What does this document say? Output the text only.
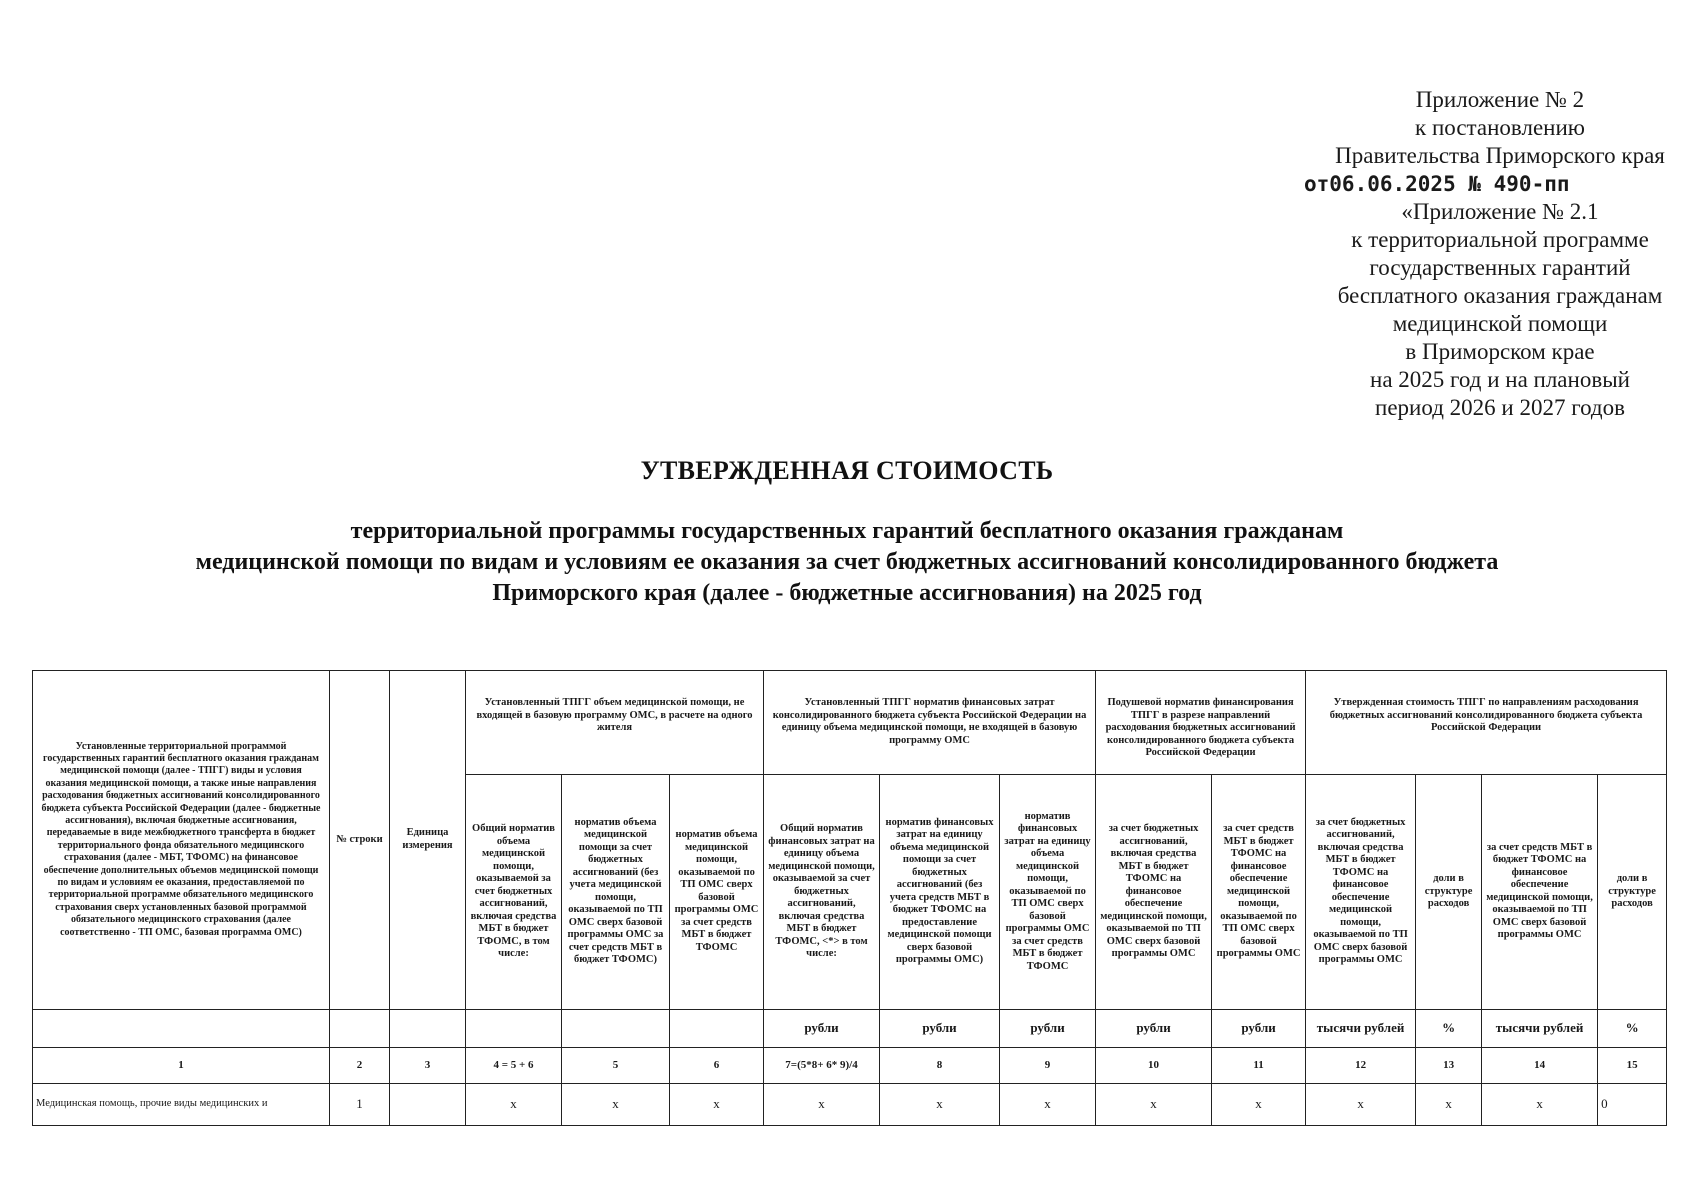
Приложение № 2
к постановлению
Правительства Приморского края
от06.06.2025 № 490-пп
«Приложение № 2.1
к территориальной программе
государственных гарантий
бесплатного оказания гражданам
медицинской помощи
в Приморском крае
на 2025 год и на плановый
период 2026 и 2027 годов
УТВЕРЖДЕННАЯ СТОИМОСТЬ
территориальной программы государственных гарантий бесплатного оказания гражданам
медицинской помощи по видам и условиям ее оказания за счет бюджетных ассигнований консолидированного бюджета
Приморского края (далее - бюджетные ассигнования) на 2025 год
Установленные территориальной программой государственных гарантий бесплатного оказания гражданам медицинской помощи (далее - ТПГГ) виды и условия оказания медицинской помощи, а также иные направления расходования бюджетных ассигнований консолидированного бюджета субъекта Российской Федерации (далее - бюджетные ассигнования), включая бюджетные ассигнования, передаваемые в виде межбюджетного трансферта в бюджет территориального фонда обязательного медицинского страхования (далее - МБТ, ТФОМС) на финансовое обеспечение дополнительных объемов медицинской помощи по видам и условиям ее оказания, предоставляемой по территориальной программе обязательного медицинского страхования сверх установленных базовой программой обязательного медицинского страхования (далее соответственно - ТП ОМС, базовая программа ОМС)	№ строки	Единица измерения	Установленный ТПГГ объем медицинской помощи, не входящей в базовую программу ОМС, в расчете на одного жителя			Установленный ТПГГ норматив финансовых затрат консолидированного бюджета субъекта Российской Федерации на единицу объема медицинской помощи, не входящей в базовую программу ОМС			Подушевой норматив финансирования ТПГГ в разрезе направлений расходования бюджетных ассигнований консолидированного бюджета субъекта Российской Федерации		Утвержденная стоимость ТПГГ по направлениям расходования бюджетных ассигнований консолидированного бюджета субъекта Российской Федерации			
			Общий норматив объема медицинской помощи, оказываемой за счет бюджетных ассигнований, включая средства МБТ в бюджет ТФОМС, в том числе:	норматив объема медицинской помощи за счет бюджетных ассигнований (без учета медицинской помощи, оказываемой по ТП ОМС сверх базовой программы ОМС за счет средств МБТ в бюджет ТФОМС)	норматив объема медицинской помощи, оказываемой по ТП ОМС сверх базовой программы ОМС за счет средств МБТ в бюджет ТФОМС	Общий норматив финансовых затрат на единицу объема медицинской помощи, оказываемой за счет бюджетных ассигнований, включая средства МБТ в бюджет ТФОМС, <*> в том числе:	норматив финансовых затрат на единицу объема медицинской помощи за счет бюджетных ассигнований (без учета средств МБТ в бюджет ТФОМС на предоставление медицинской помощи сверх базовой программы ОМС)	норматив финансовых затрат на единицу объема медицинской помощи, оказываемой по ТП ОМС сверх базовой программы ОМС за счет средств МБТ в бюджет ТФОМС	за счет бюджетных ассигнований, включая средства МБТ в бюджет ТФОМС на финансовое обеспечение медицинской помощи, оказываемой по ТП ОМС сверх базовой программы ОМС	за счет средств МБТ в бюджет ТФОМС на финансовое обеспечение медицинской помощи, оказываемой по ТП ОМС сверх базовой программы ОМС	за счет бюджетных ассигнований, включая средства МБТ в бюджет ТФОМС на финансовое обеспечение медицинской помощи, оказываемой по ТП ОМС сверх базовой программы ОМС	доли в структуре расходов	за счет средств МБТ в бюджет ТФОМС на финансовое обеспечение медицинской помощи, оказываемой по ТП ОМС сверх базовой программы ОМС	доли в структуре расходов
						рубли	рубли	рубли	рубли	рубли	тысячи рублей	%	тысячи рублей	%
1	2	3	4 = 5 + 6	5	6	7=(5*8+ 6* 9)/4	8	9	10	11	12	13	14	15
Медицинская помощь, прочие виды медицинских и	1		х	х	х	х	х	х	х	х	х	х	х	0
